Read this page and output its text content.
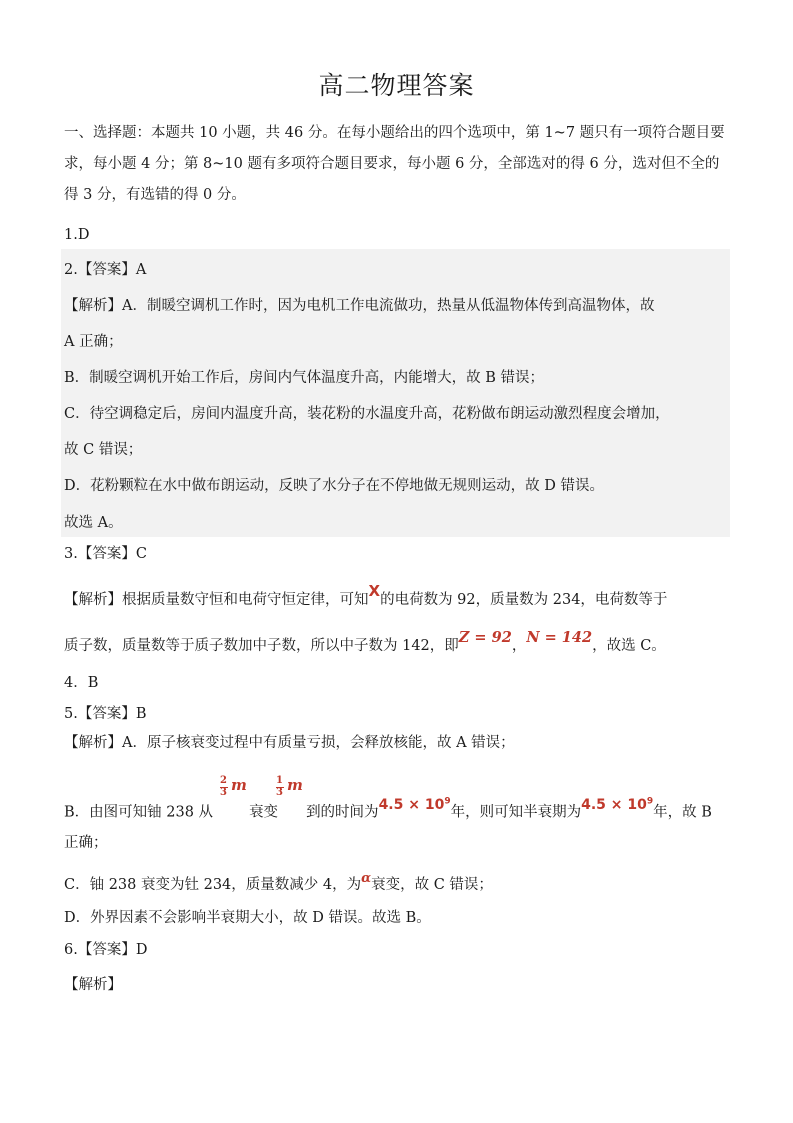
高二物理答案
一、选择题：本题共 10 小题，共 46 分。在每小题给出的四个选项中，第 1~7 题只有一项符合题目要求，每小题 4 分；第 8~10 题有多项符合题目要求，每小题 6 分，全部选对的得 6 分，选对但不全的得 3 分，有选错的得 0 分。
1.D
2.【答案】A
【解析】A．制暖空调机工作时，因为电机工作电流做功，热量从低温物体传到高温物体，故
A 正确；
B．制暖空调机开始工作后，房间内气体温度升高，内能增大，故 B 错误；
C．待空调稳定后，房间内温度升高，装花粉的水温度升高，花粉做布朗运动激烈程度会增加，
故 C 错误；
D．花粉颗粒在水中做布朗运动，反映了水分子在不停地做无规则运动，故 D 错误。
故选 A。
3.【答案】C
【解析】根据质量数守恒和电荷守恒定律，可知X的电荷数为 92，质量数为 234，电荷数等于
质子数，质量数等于质子数加中子数，所以中子数为 142，即Z = 92，N = 142，故选 C。
4．B
5.【答案】B
【解析】A．原子核衰变过程中有质量亏损，会释放核能，故 A 错误；
B．由图可知铀 238 从 衰变 到的时间为$4.5 \times 10^9$年，则可知半衰期为$4.5 \times 10^9$年，故 B
2
3 m	1
3 m
正确；
C．铀 238 衰变为钍 234，质量数减少 4，为α衰变，故 C 错误；
D．外界因素不会影响半衰期大小，故 D 错误。故选 B。
6.【答案】D
【解析】
